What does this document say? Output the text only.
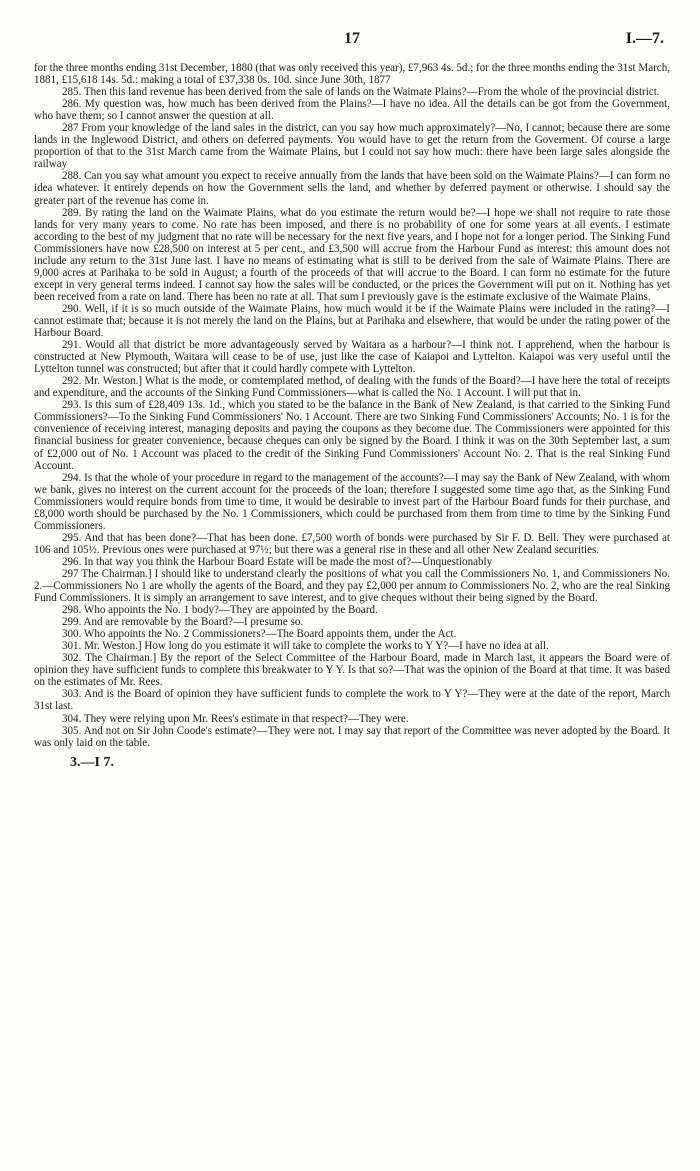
17	I.—7.

for the three months ending 31st December, 1880 (that was only received this year), £7,963 4s. 5d.; for the three months ending the 31st March, 1881, £15,618 14s. 5d.: making a total of £37,338 0s. 10d. since June 30th, 1877

285. Then this land revenue has been derived from the sale of lands on the Waimate Plains?—From the whole of the provincial district.

286. My question was, how much has been derived from the Plains?—I have no idea. All the details can be got from the Government, who have them; so I cannot answer the question at all.

287 From your knowledge of the land sales in the district, can you say how much approximately?—No, I cannot; because there are some lands in the Inglewood District, and others on deferred payments. You would have to get the return from the Goverment. Of course a large proportion of that to the 31st March came from the Waimate Plains, but I could not say how much: there have been large sales alongside the railway

288. Can you say what amount you expect to receive annually from the lands that have been sold on the Waimate Plains?—I can form no idea whatever. It entirely depends on how the Government sells the land, and whether by deferred payment or otherwise. I should say the greater part of the revenue has come in.

289. By rating the land on the Waimate Plains, what do you estimate the return would be?—I hope we shall not require to rate those lands for very many years to come. No rate has been imposed, and there is no probability of one for some years at all events. I estimate according to the best of my judgment that no rate will be necessary for the next five years, and I hope not for a longer period. The Sinking Fund Commissioners have now £28,500 on interest at 5 per cent., and £3,500 will accrue from the Harbour Fund as interest: this amount does not include any return to the 31st June last. I have no means of estimating what is still to be derived from the sale of Waimate Plains. There are 9,000 acres at Parihaka to be sold in August; a fourth of the proceeds of that will accrue to the Board. I can form no estimate for the future except in very general terms indeed. I cannot say how the sales will be conducted, or the prices the Government will put on it. Nothing has yet been received from a rate on land. There has been no rate at all. That sum I previously gave is the estimate exclusive of the Waimate Plains.

290. Well, if it is so much outside of the Waimate Plains, how much would it be if the Waimate Plains were included in the rating?—I cannot estimate that; because it is not merely the land on the Plains, but at Parihaka and elsewhere, that would be under the rating power of the Harbour Board.

291. Would all that district be more advantageously served by Waitara as a harbour?—I think not. I apprehend, when the harbour is constructed at New Plymouth, Waitara will cease to be of use, just like the case of Kaiapoi and Lyttelton. Kaiapoi was very useful until the Lyttelton tunnel was constructed; but after that it could hardly compete with Lyttelton.

292. Mr. Weston.] What is the mode, or comtemplated method, of dealing with the funds of the Board?—I have here the total of receipts and expenditure, and the accounts of the Sinking Fund Commissioners—what is called the No. 1 Account. I will put that in.

293. Is this sum of £28,409 13s. 1d., which you stated to be the balance in the Bank of New Zealand, is that carried to the Sinking Fund Commissioners?—To the Sinking Fund Commissioners' No. 1 Account. There are two Sinking Fund Commissioners' Accounts; No. 1 is for the convenience of receiving interest, managing deposits and paying the coupons as they become due. The Commissioners were appointed for this financial business for greater convenience, because cheques can only be signed by the Board. I think it was on the 30th September last, a sum of £2,000 out of No. 1 Account was placed to the credit of the Sinking Fund Commissioners' Account No. 2. That is the real Sinking Fund Account.

294. Is that the whole of your procedure in regard to the management of the accounts?—I may say the Bank of New Zealand, with whom we bank, gives no interest on the current account for the proceeds of the loan; therefore I suggested some time ago that, as the Sinking Fund Commissioners would require bonds from time to time, it would be desirable to invest part of the Harbour Board funds for their purchase, and £8,000 worth should be purchased by the No. 1 Commissioners, which could be purchased from them from time to time by the Sinking Fund Commissioners.

295. And that has been done?—That has been done. £7,500 worth of bonds were purchased by Sir F. D. Bell. They were purchased at 106 and 105½. Previous ones were purchased at 97½; but there was a general rise in these and all other New Zealand securities.

296. In that way you think the Harbour Board Estate will be made the most of?—Unquestionably

297 The Chairman.] I should like to understand clearly the positions of what you call the Commissioners No. 1, and Commissioners No. 2.—Commissioners No 1 are wholly the agents of the Board, and they pay £2,000 per annum to Commissioners No. 2, who are the real Sinking Fund Commissioners. It is simply an arrangement to save interest, and to give cheques without their being signed by the Board.

298. Who appoints the No. 1 body?—They are appointed by the Board.

299. And are removable by the Board?—I presume so.

300. Who appoints the No. 2 Commissioners?—The Board appoints them, under the Act.

301. Mr. Weston.] How long do you estimate it will take to complete the works to Y Y?—I have no idea at all.

302. The Chairman.] By the report of the Select Committee of the Harbour Board, made in March last, it appears the Board were of opinion they have sufficient funds to complete this breakwater to Y Y. Is that so?—That was the opinion of the Board at that time. It was based on the estimates of Mr. Rees.

303. And is the Board of opinion they have sufficient funds to complete the work to Y Y?—They were at the date of the report, March 31st last.

304. They were relying upon Mr. Rees's estimate in that respect?—They were.

305. And not on Sir John Coode's estimate?—They were not. I may say that report of the Committee was never adopted by the Board. It was only laid on the table.

3.—I 7.
